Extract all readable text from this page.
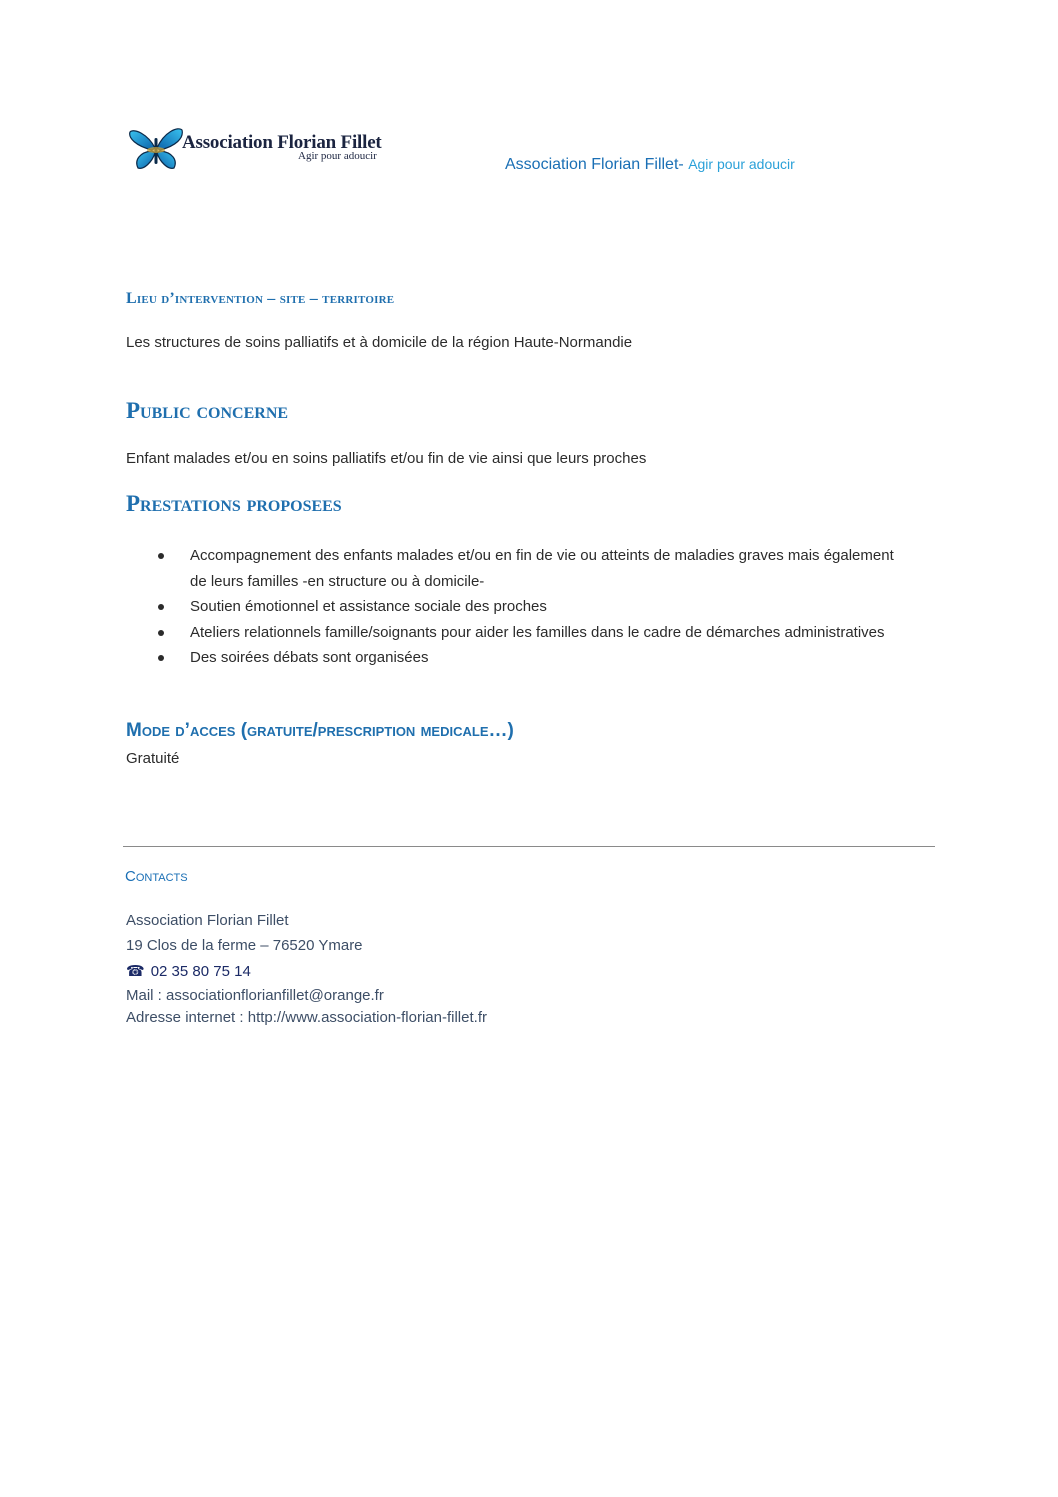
Association Florian Fillet
Agir pour adoucir	Association Florian Fillet- Agir pour adoucir
Lieu d’intervention – site – territoire
Les structures de soins palliatifs et à domicile de la région Haute-Normandie
Public concerne
Enfant malades et/ou en soins palliatifs et/ou fin de vie ainsi que leurs proches
Prestations proposees
Accompagnement des enfants malades et/ou en fin de vie ou atteints de maladies graves mais également de leurs familles -en structure ou à domicile-
Soutien émotionnel et assistance sociale des proches
Ateliers relationnels famille/soignants pour aider les familles dans le cadre de démarches administratives
Des soirées débats sont organisées
Mode d’acces (gratuite/prescription medicale…)
Gratuité
Contacts
Association Florian Fillet
19 Clos de la ferme – 76520 Ymare
☎ 02 35 80 75 14
Mail : associationflorianfillet@orange.fr
Adresse internet : http://www.association-florian-fillet.fr
